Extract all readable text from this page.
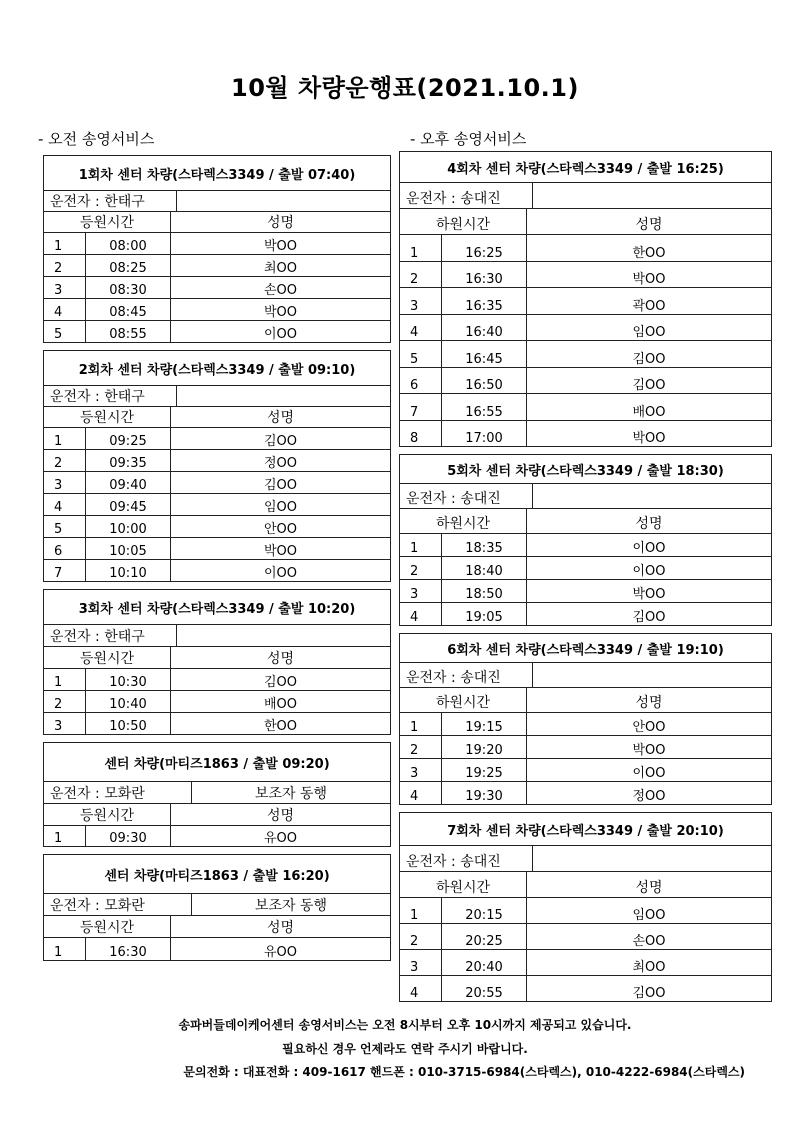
10월 차량운행표(2021.10.1)
- 오전 송영서비스	- 오후 송영서비스
1회차 센터 차량(스타렉스3349 / 출발 07:40)
운전자 : 한태구
등원시간	성명
1	08:00	박OO
2	08:25	최OO
3	08:30	손OO
4	08:45	박OO
5	08:55	이OO
2회차 센터 차량(스타렉스3349 / 출발 09:10)
운전자 : 한태구
등원시간	성명
1	09:25	김OO
2	09:35	정OO
3	09:40	김OO
4	09:45	임OO
5	10:00	안OO
6	10:05	박OO
7	10:10	이OO
3회차 센터 차량(스타렉스3349 / 출발 10:20)
운전자 : 한태구
등원시간	성명
1	10:30	김OO
2	10:40	배OO
3	10:50	한OO
센터 차량(마티즈1863 / 출발 09:20)
운전자 : 모화란	보조자 동행
등원시간	성명
1	09:30	유OO
센터 차량(마티즈1863 / 출발 16:20)
운전자 : 모화란	보조자 동행
등원시간	성명
1	16:30	유OO
4회차 센터 차량(스타렉스3349 / 출발 16:25)
운전자 : 송대진
하원시간	성명
1	16:25	한OO
2	16:30	박OO
3	16:35	곽OO
4	16:40	임OO
5	16:45	김OO
6	16:50	김OO
7	16:55	배OO
8	17:00	박OO
5회차 센터 차량(스타렉스3349 / 출발 18:30)
운전자 : 송대진
하원시간	성명
1	18:35	이OO
2	18:40	이OO
3	18:50	박OO
4	19:05	김OO
6회차 센터 차량(스타렉스3349 / 출발 19:10)
운전자 : 송대진
하원시간	성명
1	19:15	안OO
2	19:20	박OO
3	19:25	이OO
4	19:30	정OO
7회차 센터 차량(스타렉스3349 / 출발 20:10)
운전자 : 송대진
하원시간	성명
1	20:15	임OO
2	20:25	손OO
3	20:40	최OO
4	20:55	김OO
송파버들데이케어센터 송영서비스는 오전 8시부터 오후 10시까지 제공되고 있습니다.
필요하신 경우 언제라도 연락 주시기 바랍니다.
문의전화 : 대표전화 : 409-1617 핸드폰 : 010-3715-6984(스타렉스), 010-4222-6984(스타렉스)
